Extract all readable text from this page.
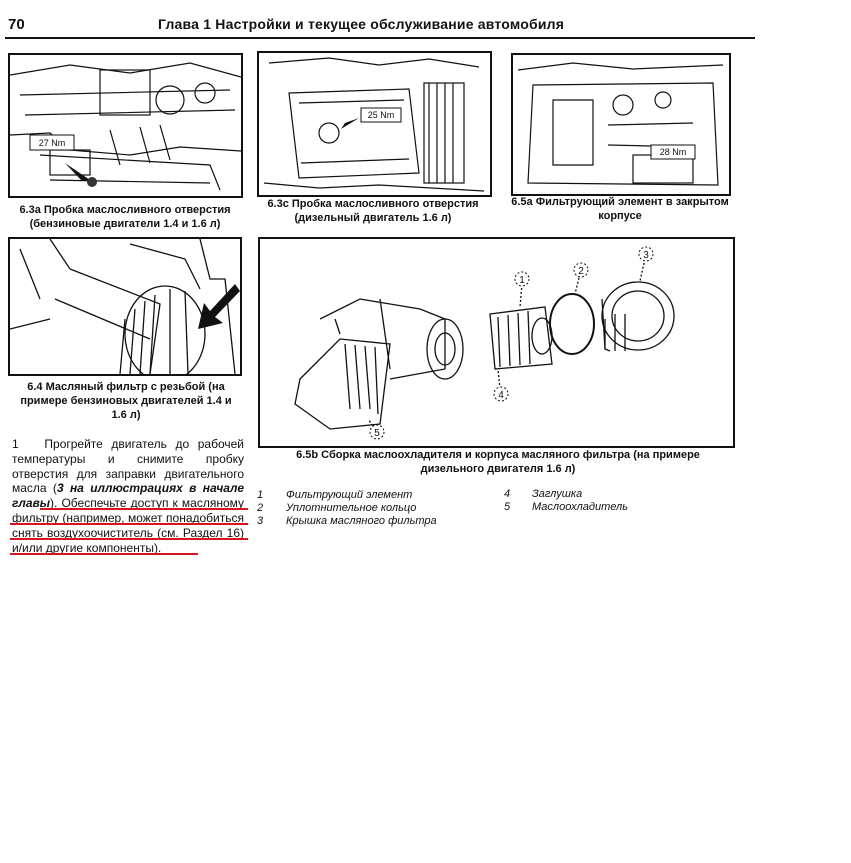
70	Глава 1 Настройки и текущее обслуживание автомобиля
27 Nm
6.3a Пробка маслосливного отверстия (бензиновые двигатели 1.4 и 1.6 л)
25 Nm
6.3c Пробка маслосливного отверстия (дизельный двигатель 1.6 л)
28 Nm
6.5a Фильтрующий элемент в закрытом корпусе
6.4 Масляный фильтр с резьбой (на примере бензиновых двигателей 1.4 и 1.6 л)
1
2
3
4
5
6.5b Сборка маслоохладителя и корпуса масляного фильтра (на примере дизельного двигателя 1.6 л)
1 Прогрейте двигатель до рабочей температуры и снимите пробку отверстия для заправки двигательного масла (3 на иллюстрациях в начале главы). Обеспечьте доступ к масляному фильтру (например, может понадобиться снять воздухоочиститель (см. Раздел 16) и/или другие компоненты).
1 Фильтрующий элемент
2 Уплотнительное кольцо
3 Крышка масляного фильтра
4 Заглушка
5 Маслоохладитель
